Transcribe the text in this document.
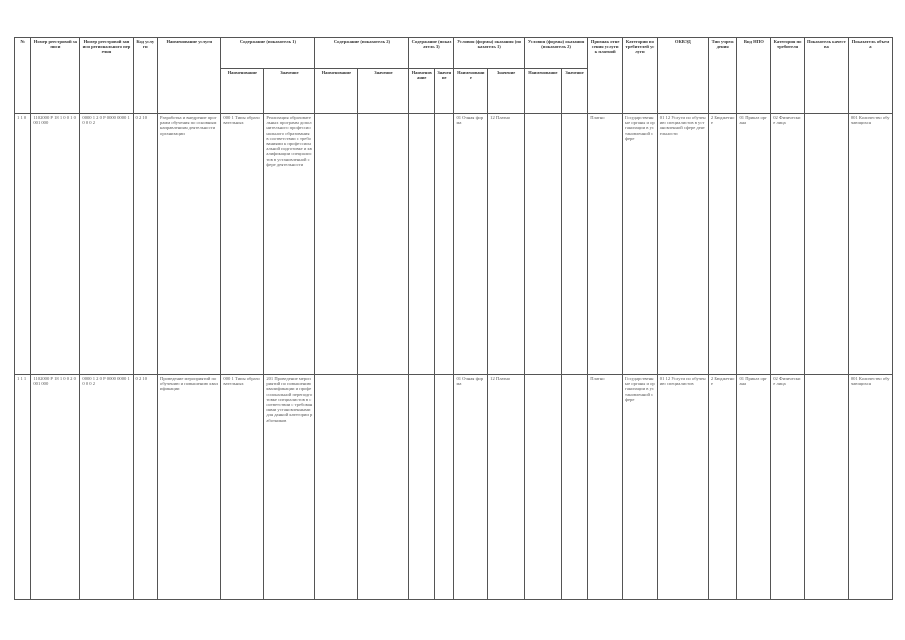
№	Номер реестровой записи	Номер реестровой записи регионального перечня	Код услуги	Наименование услуги	Содержание (показатель 1)		Содержание (показатель 2)		Содержание (показатель 3)		Условия (формы) оказания (показатель 1)		Условия (формы) оказания (показатель 2)		Признак отнесения услуги к платной	Категории потребителей услуги	ОКВЭД	Тип учреждения	Вид НПО	Категория потребителя	Показатель качества	Показатель объема
					Наименование	Значение	Наименование	Значение	Наименование	Значение	Наименование	Значение	Наименование	Значение								
1 1 0	1102000 Р 18 1 0 0 1 0001 000	0000 1 2 0 Р 0000 0000 1 0 0 0 2	0 2 10	Разработка и внедрение программ обучения по основным направлениям деятельности организации	000 1 Типы образовательных	Реализация образовательных программ дополнительного профессионального образования в соответствии с требованиями к профессиональной подготовке и квалификации специалистов в установленной сфере деятельности					01 Очная форма	12 Платно			Платно	Государственные органы и организации в установленной сфере	01 12 Услуги по обучению специалистов в установленной сфере деятельности	2 Бюджетное	01 Приказ органа	02 Физические лица		001 Количество обучающихся
1 1 1	1102000 Р 18 1 0 0 2 0001 000	0000 1 2 0 Р 0000 0000 1 0 0 0 2	0 2 10	Проведение мероприятий по обучению и повышению квалификации	000 1 Типы образовательных	201 Проведение мероприятий по повышению квалификации и профессиональной переподготовке специалистов в соответствии с требованиями установленными для данной категории работников					01 Очная форма	12 Платно			Платно	Государственные органы и организации в установленной сфере	01 12 Услуги по обучению специалистов	2 Бюджетное	01 Приказ органа	02 Физические лица		001 Количество обучающихся
